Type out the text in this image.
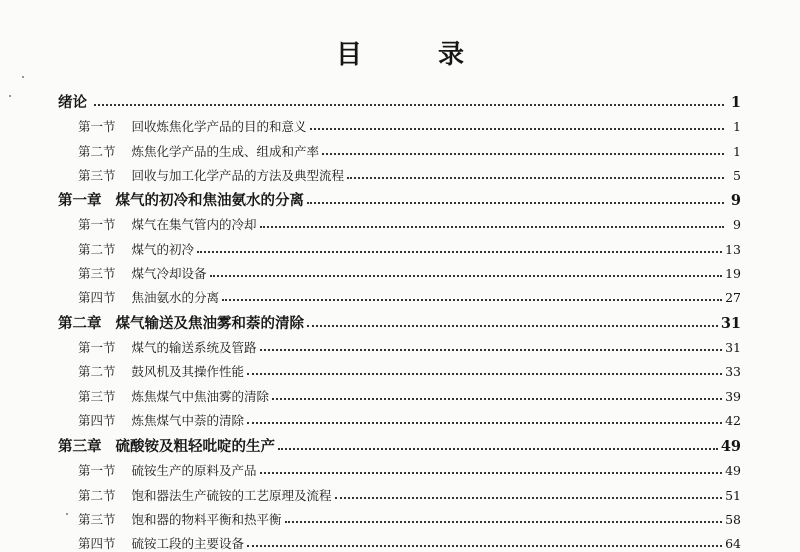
目	录
绪论	1
第一节 回收炼焦化学产品的目的和意义	1
第二节 炼焦化学产品的生成、组成和产率	1
第三节 回收与加工化学产品的方法及典型流程	5
第一章 煤气的初冷和焦油氨水的分离	9
第一节 煤气在集气管内的冷却	9
第二节 煤气的初冷	13
第三节 煤气冷却设备	19
第四节 焦油氨水的分离	27
第二章 煤气输送及焦油雾和萘的清除	31
第一节 煤气的输送系统及管路	31
第二节 鼓风机及其操作性能	33
第三节 炼焦煤气中焦油雾的清除	39
第四节 炼焦煤气中萘的清除	42
第三章 硫酸铵及粗轻吡啶的生产	49
第一节 硫铵生产的原料及产品	49
第二节 饱和器法生产硫铵的工艺原理及流程	51
第三节 饱和器的物料平衡和热平衡	58
第四节 硫铵工段的主要设备	64
